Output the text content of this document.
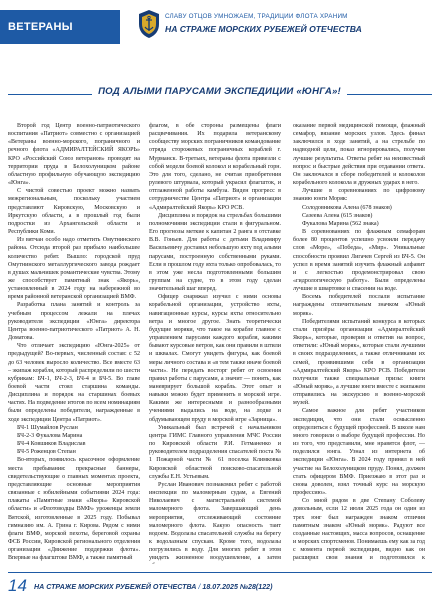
ВЕТЕРАНЫ
СЛАВУ ОТЦОВ УМНОЖАЕМ, ТРАДИЦИИ ФЛОТА ХРАНИМ
НА СТРАЖЕ МОРСКИХ РУБЕЖЕЙ ОТЕЧЕСТВА
ПОД АЛЫМИ ПАРУСАМИ ЭКСПЕДИЦИИ «ЮНГА»!

Второй год Центр военно-патриотического воспитания «Патриот» совместно с организацией «Ветераны военно-морского, пограничного и речного флота «АДМИРАЛТЕЙСКИЙ ЯКОРЬ» КРО «Российский Союз ветеранов» проводят на территории пруда в Белохолуницком районе областную профильную обучающую экспедицию «Юнга».

С чистой совестью проект можно назвать межрегиональным, поскольку участием представляют Кировскую, Московскую и Иркутскую области, а в прошлый год были подростки из Архангельской области и Республики Коми.

Из вятчан особо надо отметить Омутнинского района. Отсюда второй раз прибыло наибольшее количество ребят. Вышло: городской пруд Омутнинского металлургического завода рождает в душах мальчишек романтические чувства. Этому же способствует памятный знак «Якорь», установленный в 2024 году на набережной во время районной ветеранской организацией ВМФ.

Разработка плана занятий и контроль за учебным процессом лежали на плечах руководителя экспедиции «Юнга» директора Центра военно-патриотического «Патриот» А. Н. Доматова.

Что отличает экспедицию «Юнга-2025» от предыдущей? Во-первых, численный состав: с 52 до 63 человек выросло количество. Все вместе 63 – экипаж корабля, который распределили по шести кубрикам: БЧ-1, БЧ-2-3, БЧ-4 и БЧ-5. Во главе боевой части стоял старшина команды. Дисциплина и порядок на старшинах боевых частях. На подведение итогов по всем номинациям были определены победители, награжденные в ходе экспедиции Центра «Патриот».

БЧ-1 Шумайлов Руслан

БЧ-2-3 Фукалова Марина

БЧ-4 Ковшиков Владислав

БЧ-5 Роженцов Степан

Во-вторых, появилось красочное оформление места пребывания: прекрасные баннеры, свидетельствующие о главных моментах проекта, представляющие основные мероприятия связанные с юбилейными событиями 2024 года: плакаты «Памятные знаки «Якорь» Кировской области» и «Флотоводцы ВМФ» уроженцы земли Вятской, изготовленные в 2025 году. Побывал гимназию им. А. Грина г. Кирова. Рядом с ними флаги ВМФ, морской пехоты, береговой охраны ФСБ России, Кировской регионального отделения организации «Движение поддержки флота». Впервые на флагштоке ВМФ, а также памятный

флагом, в обе стороны размещены флаги расцвечивания. Их подарила ветеранскому сообществу морских пограничников командование отряда сторожевых пограничных кораблей г. Мурманск. В-третьих, ветераны флота привезли с собой модели боевой колокол и корабельный горн. Это для того, сделано, не считая приобретения рулевого штурвала, который украсил флагшток, и отглаженной работы камбуза. Виден прогресс в сотрудничестве Центра «Патриот» и организации «Адмиралтейский Якорь» КРО РСВ.

Дисциплина и порядок на стрельбах большими полномочиями экспедиции стали в фигуральном. Его прогнозы меткие к капитан 2 ранга в отставке В.В. Гоньев. Для работы с детьми Владимиру Васильевичу доставил небольшую яхту под алыми парусами, построенную собственными руками. Если в прошлом году яхта только опробовалась, то в этом уже несла подготовленными большим группам на судне, то в этом году сделан значительный шаг вперед.

Офицер снаряжал изучил с ними основы корабельной организации, устройство яхты, навигационные курсы, курсы яхты относительно ветра и многое другое. Знать теоретически будущие моряки, что такое на корабле главное с управлением парусами каждого корабля, какими бывают курсовые ветров, как они правили в штили и шквалах. Смогут увидеть фигуры, как боевой меры личного состава и «в тем также иначе боевой части». Не передать восторг ребят от освоения правил работы с парусами, а значит — понять, как маневрирует большой корабль. Этот опыт и навыки можно будет применить в морской игре. Какими же интересными и разнообразными учениями выдались на воде, на лодке и обдумывающем пруду в морской игре «Зарница».

Уникальный был встречей с начальником центра ГИМС Главного управления МЧС России по Кировской области Р.И. Гетманенко и руководителем подразделения спасателей поста № 1 Пожарной части № 61 поселка Климковка Кировской областной поисково-спасательной службы Е.Н. Устьевым.

Руслан Иванович познакомил ребят с работой инспекции по маломерным судам, а Евгений Николаевич с магистральной системой маломерного флота. Завершающий день мероприятия, отслеживающий состояние маломерного флота. Какую опасность таит водоем. Водолазы спасательной службы на берегу к водолазным спускам. Кроме того, водолазы погрузились в воду. Для многих ребят в этом увидеть жизненное воодушевление, а затем

оказание первой медицинской помощи, флажный семафор, вязание морских узлов. Здесь финал заключился в ходе занятий, а на стрельбе по надводной цели, показ игнорировались, получив лучшие результаты. Ответы ребят на неизвестный вопрос и быстрые действия при отдавании ответа. Он заключался в сборе победителей и колоколов корабельного колокола и дружных ударах в него.

Лучшие в соревнованиях по цифровому знанию юнги Моряк:

Солодовникова Алена (678 знаков)

Сазеева Алена (615 знаков)

Фукалова Марина (562 знака)

В соревнованиях по флажным семафорам более 80 процентов успешно усвоили передачу слов «Море», «Победа», «Мир». Уникальные способности проявил Лигачев Сергей из БЧ-5. Он успел в время занятий изучить флажный алфавит и с легкостью продемонстрировал свою «гидрологическую работу». Были определены лучшие в швартовке и спасении на воде.

Восемь победителей послали испытание награждены отличительным значком «Юный моряк».

Победителями испытаний конкурса в которых стали призёры организации «Адмиралтейский Якорь», которые, проверив и ответив на вопрос, ответили: «Юный моряк», которые стали лучшими в своих подразделениях, а также отличниками их семей, проявившими себя в организации «Адмиралтейский Якорь» КРО РСВ. Победители получили также специальные призы: книги «Юный моряк», а лучшие юнги вместе с экипажем отправились на экскурсию в военно-морской музей.

Самое важное для ребят участников экспедиции, что они стали осмысленно определиться с будущей профессией. В школе нам много говорили о выборе будущей профессии. Но из того, что представили, мне нравятся флот, — поделился юнга. Узнал из интернета об экспедиции «Юнга». В 2024 году принял в ней участие на Белохолуницком пруду. Понял, должен стать офицером ВМФ. Приезжаю в этот раз и снова доволен, взял точный курс на морскую профессию».

Со мной рядом в две Степану Соболеву довольным, если 12 июля 2025 года он один из трех юнг был награжден знаком отличия памятным знаком «Юный моряк». Радуют все созданные настоящих, масса вопросов, оснащение и морских спортсменов. Понимаешь ему как за год с момента первой экспедиции, видно как он расширил свои знания и подготовился к

14 НА СТРАЖЕ МОРСКИХ РУБЕЖЕЙ ОТЕЧЕСТВА / 18.07.2025 №28(122)
